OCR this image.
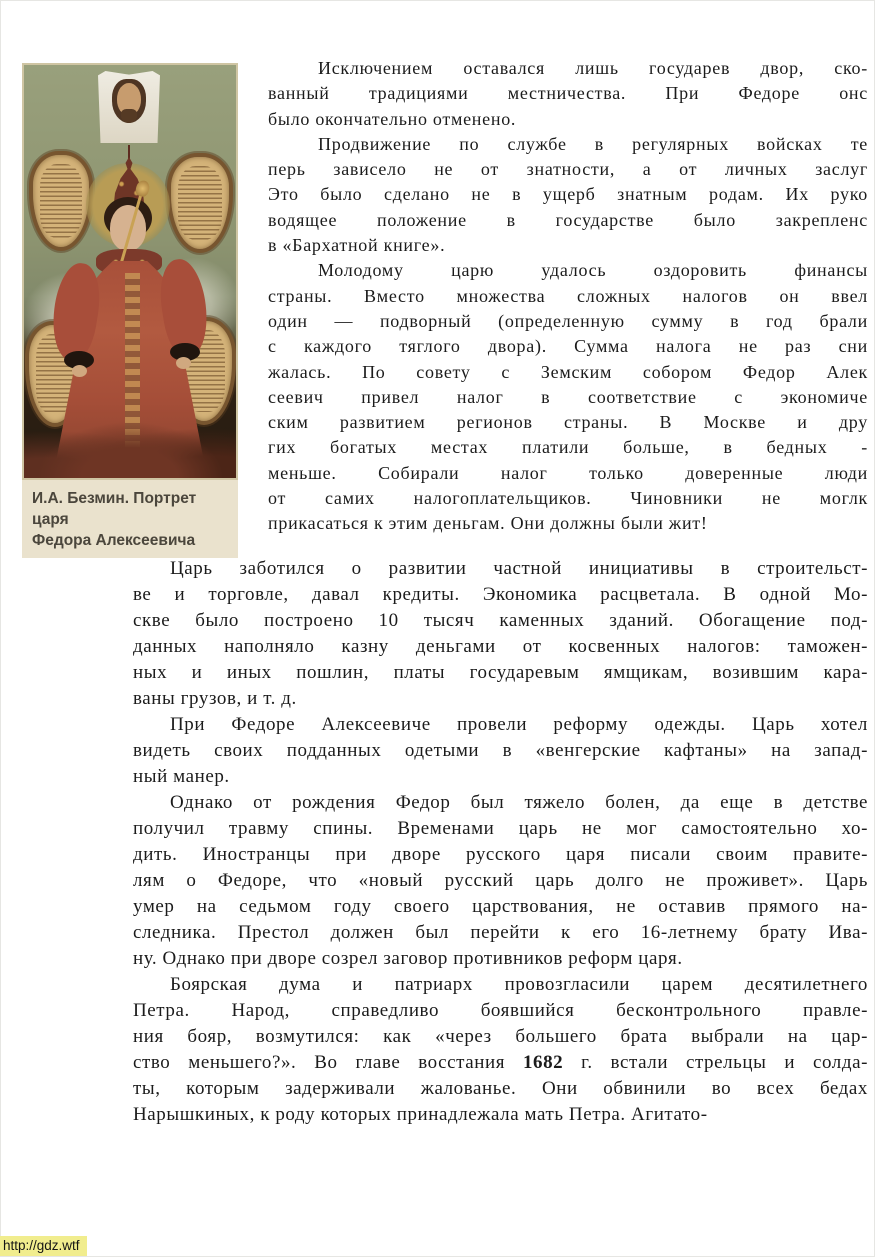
И.А. Безмин. Портрет царя
Федора Алексеевича

Исключением оставался лишь государев двор, ско-
ванный традициями местничества. При Федоре онс
было окончательно отменено.

Продвижение по службе в регулярных войсках те
перь зависело не от знатности, а от личных заслуг
Это было сделано не в ущерб знатным родам. Их руко
водящее положение в государстве было закрепленс
в «Бархатной книге».

Молодому царю удалось оздоровить финансы
страны. Вместо множества сложных налогов он ввел
один — подворный (определенную сумму в год брали
с каждого тяглого двора). Сумма налога не раз сни
жалась. По совету с Земским собором Федор Алек
сеевич привел налог в соответствие с экономиче
ским развитием регионов страны. В Москве и дру
гих богатых местах платили больше, в бедных -
меньше. Собирали налог только доверенные люди
от самих налогоплательщиков. Чиновники не моглк
прикасаться к этим деньгам. Они должны были жит!

Царь заботился о развитии частной инициативы в строительст-
ве и торговле, давал кредиты. Экономика расцветала. В одной Мо-
скве было построено 10 тысяч каменных зданий. Обогащение под-
данных наполняло казну деньгами от косвенных налогов: таможен-
ных и иных пошлин, платы государевым ямщикам, возившим кара-
ваны грузов, и т. д.

При Федоре Алексеевиче провели реформу одежды. Царь хотел
видеть своих подданных одетыми в «венгерские кафтаны» на запад-
ный манер.

Однако от рождения Федор был тяжело болен, да еще в детстве
получил травму спины. Временами царь не мог самостоятельно хо-
дить. Иностранцы при дворе русского царя писали своим правите-
лям о Федоре, что «новый русский царь долго не проживет». Царь
умер на седьмом году своего царствования, не оставив прямого на-
следника. Престол должен был перейти к его 16-летнему брату Ива-
ну. Однако при дворе созрел заговор противников реформ царя.

Боярская дума и патриарх провозгласили царем десятилетнего
Петра. Народ, справедливо боявшийся бесконтрольного правле-
ния бояр, возмутился: как «через большего брата выбрали на цар-
ство меньшего?». Во главе восстания 1682 г. встали стрельцы и солда-
ты, которым задерживали жалованье. Они обвинили во всех бедах
Нарышкиных, к роду которых принадлежала мать Петра. Агитато-

http://gdz.wtf
